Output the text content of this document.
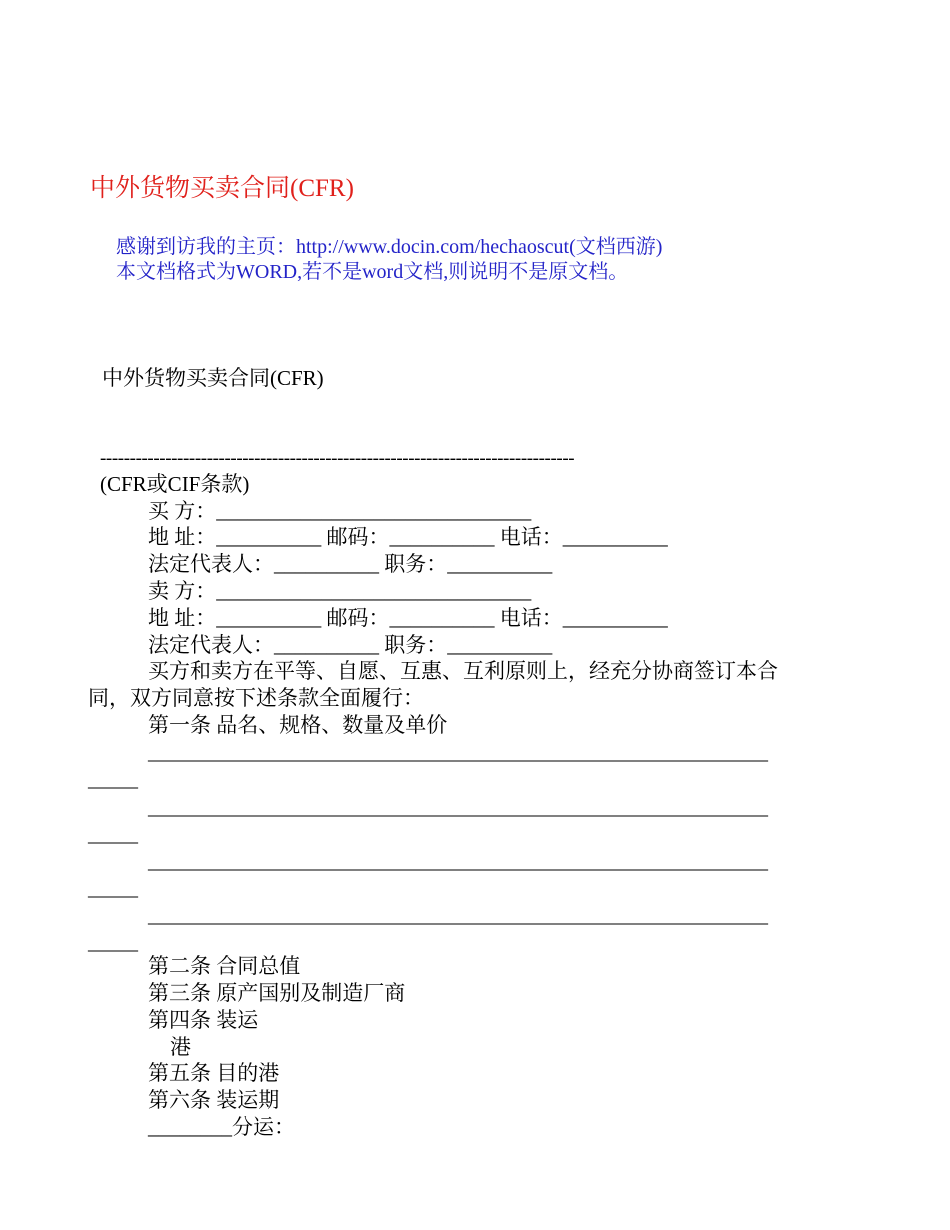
中外货物买卖合同(CFR)
感谢到访我的主页：http://www.docin.com/hechaoscut(文档西游)
本文档格式为WORD,若不是word文档,则说明不是原文档。
中外货物买卖合同(CFR)
--------------------------------------------------------------------------------
(CFR或CIF条款)
买 方：______________________________
地 址：__________ 邮码：__________ 电话：__________
法定代表人：__________ 职务：__________
卖 方：______________________________
地 址：__________ 邮码：__________ 电话：__________
法定代表人：__________ 职务：__________
买方和卖方在平等、自愿、互惠、互利原则上，经充分协商签订本合
同，双方同意按下述条款全面履行：
第一条 品名、规格、数量及单价
______________________________________________________________
_____
______________________________________________________________
_____
______________________________________________________________
_____
______________________________________________________________
_____
第二条 合同总值
第三条 原产国别及制造厂商
第四条 装运
港
第五条 目的港
第六条 装运期
________分运：
